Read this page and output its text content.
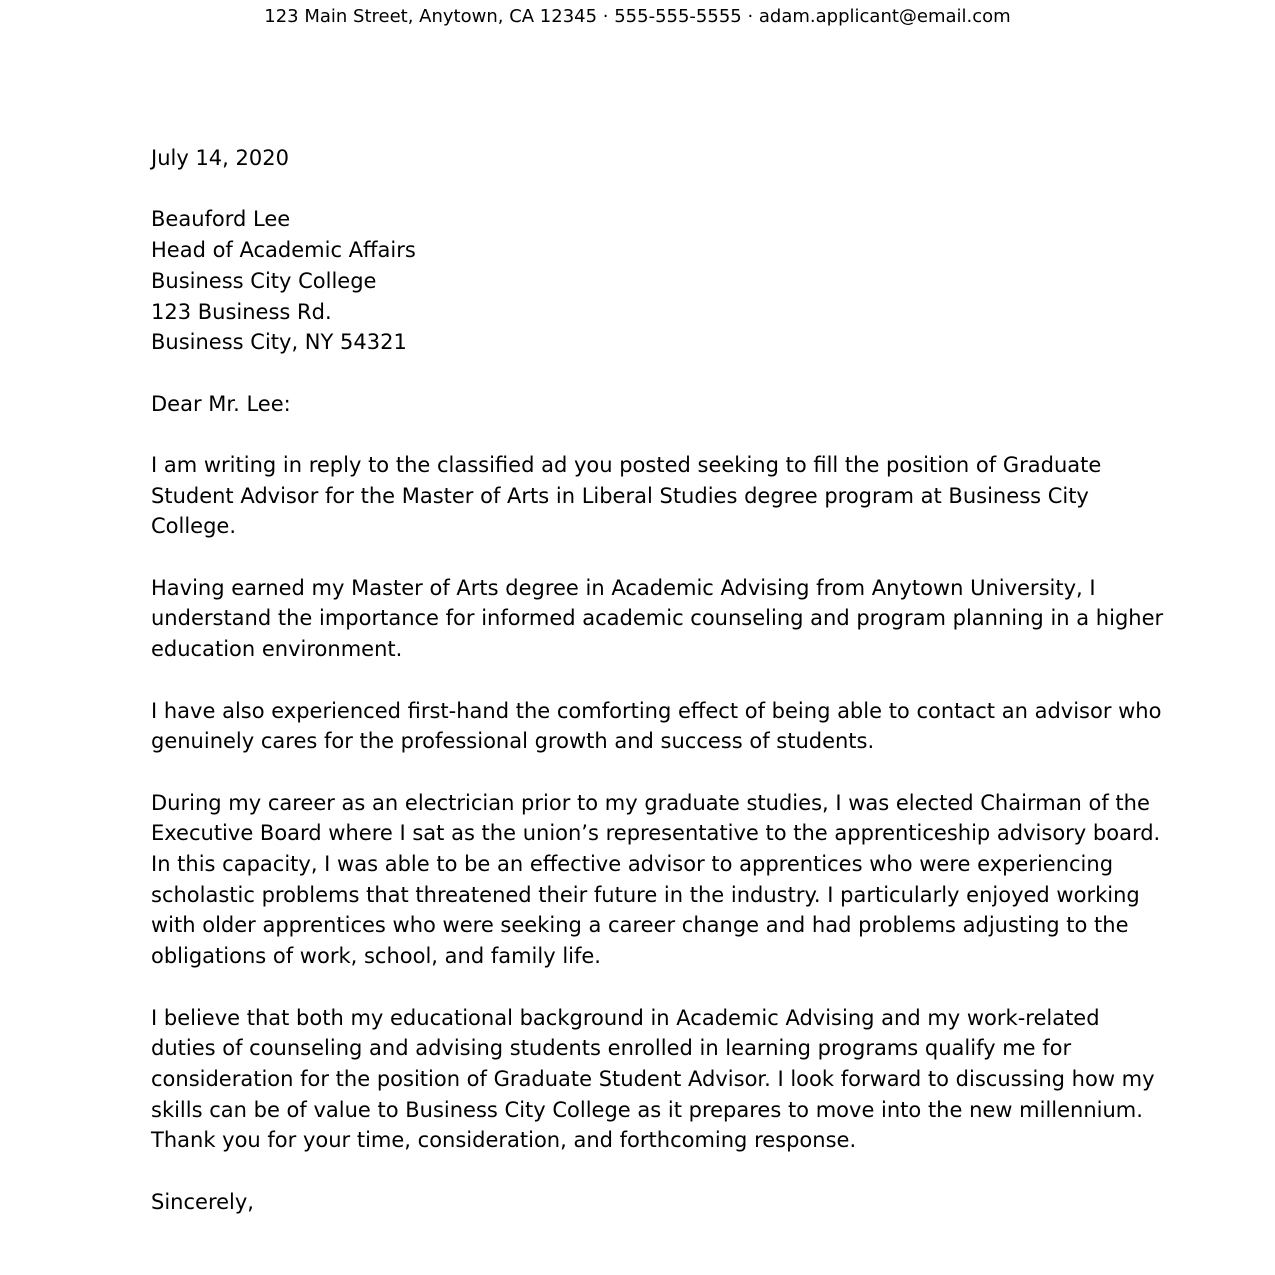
123 Main Street, Anytown, CA 12345 · 555-555-5555 · adam.applicant@email.com
July 14, 2020
Beauford Lee
Head of Academic Affairs
Business City College
123 Business Rd.
Business City, NY 54321
Dear Mr. Lee:
I am writing in reply to the classified ad you posted seeking to fill the position of Graduate
Student Advisor for the Master of Arts in Liberal Studies degree program at Business City
College.
Having earned my Master of Arts degree in Academic Advising from Anytown University, I
understand the importance for informed academic counseling and program planning in a higher
education environment.
I have also experienced first-hand the comforting effect of being able to contact an advisor who
genuinely cares for the professional growth and success of students.
During my career as an electrician prior to my graduate studies, I was elected Chairman of the
Executive Board where I sat as the union’s representative to the apprenticeship advisory board.
In this capacity, I was able to be an effective advisor to apprentices who were experiencing
scholastic problems that threatened their future in the industry. I particularly enjoyed working
with older apprentices who were seeking a career change and had problems adjusting to the
obligations of work, school, and family life.
I believe that both my educational background in Academic Advising and my work-related
duties of counseling and advising students enrolled in learning programs qualify me for
consideration for the position of Graduate Student Advisor. I look forward to discussing how my
skills can be of value to Business City College as it prepares to move into the new millennium.
Thank you for your time, consideration, and forthcoming response.
Sincerely,
